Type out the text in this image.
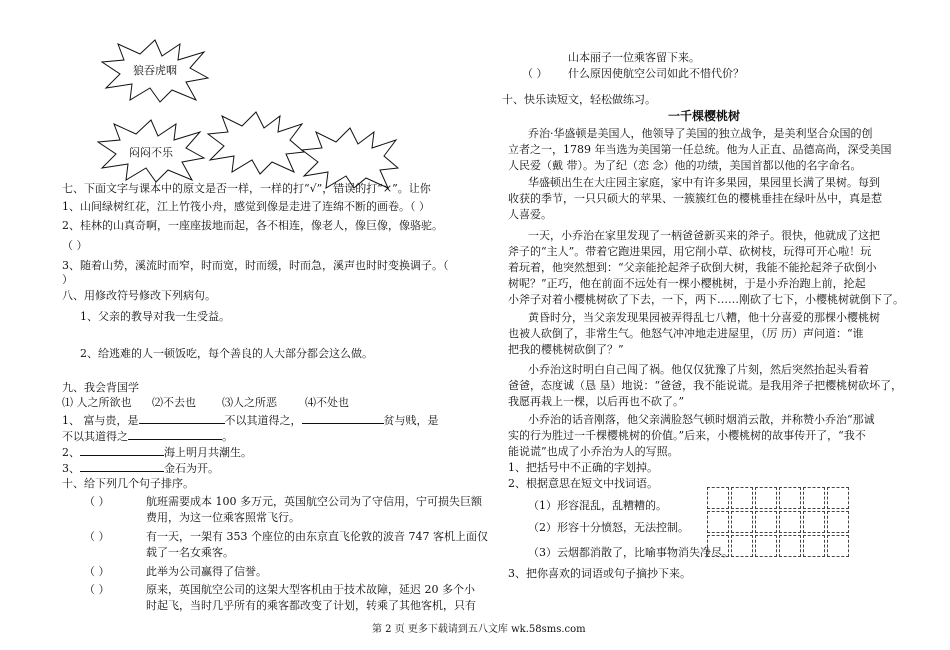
狼吞虎咽
闷闷不乐
七、下面文字与课本中的原文是否一样，一样的打“√”，错误的打“×”。让你
1、山间绿树红花，江上竹筏小舟，感觉到像是走进了连绵不断的画卷。（ ）
2、桂林的山真奇啊，一座座拔地而起，各不相连，像老人，像巨像，像骆驼。
（ ）
3、随着山势，溪流时而窄，时而宽，时而缓，时而急，溪声也时时变换调子。（
）
八、用修改符号修改下列病句。
1、父亲的教导对我一生受益。
2、给逃难的人一顿饭吃，每个善良的人大部分都会这么做。
九、我会背国学
⑴ 人之所欲也 ⑵不去也 ⑶人之所恶	⑷不处也
1、 富与贵，是	不以其道得之，	贫与贱，是
不以其道得之	。
2、	海上明月共潮生。
3、	金石为开。
十、给下列几个句子排序。
（ ）	航班需要成本 100 多万元，英国航空公司为了守信用，宁可损失巨额
费用，为这一位乘客照常飞行。
（ ）	有一天，一架有 353 个座位的由东京直飞伦敦的波音 747 客机上面仅
载了一名女乘客。
（ ）	此举为公司赢得了信誉。
（ ）	原来，英国航空公司的这架大型客机由于技术故障，延迟 20 多个小
时起飞，当时几乎所有的乘客都改变了计划，转乘了其他客机，只有
山本丽子一位乘客留下来。
（ ） 什么原因使航空公司如此不惜代价？
十、快乐读短文，轻松做练习。
一千棵樱桃树
乔治·华盛顿是美国人，他领导了美国的独立战争，是美利坚合众国的创
立者之一，1789 年当选为美国第一任总统。他为人正直、品德高尚，深受美国
人民爱（戴 带）。为了纪（恋 念）他的功绩，美国首都以他的名字命名。
华盛顿出生在大庄园主家庭，家中有许多果园，果园里长满了果树。每到
收获的季节，一只只硕大的苹果、一簇簇红色的樱桃垂挂在绿叶丛中，真是惹
人喜爱。
一天，小乔治在家里发现了一柄爸爸新买来的斧子。很快，他就成了这把
斧子的“主人”。带着它跑进果园，用它削小草、砍树枝，玩得可开心啦！玩
着玩着，他突然想到：“父亲能抡起斧子砍倒大树，我能不能抡起斧子砍倒小
树呢？”正巧，他在前面不远处有一棵小樱桃树，于是小乔治跑上前，抡起
小斧子对着小樱桃树砍了下去，一下，两下……刚砍了七下，小樱桃树就倒下了。
黄昏时分，当父亲发现果园被弄得乱七八糟，他十分喜爱的那棵小樱桃树
也被人砍倒了，非常生气。他怒气冲冲地走进屋里，（厉 历）声问道：“谁
把我的樱桃树砍倒了？”
小乔治这时明白自己闯了祸。他仅仅犹豫了片刻，然后突然抬起头看着
爸爸，态度诚（恳 垦）地说：“爸爸，我不能说谎。是我用斧子把樱桃树砍坏了，
我愿再栽上一棵，以后再也不砍了。”
小乔治的话音刚落，他父亲满脸怒气顿时烟消云散，并称赞小乔治“那诚
实的行为胜过一千棵樱桃树的价值。”后来，小樱桃树的故事传开了，“我不
能说谎”也成了小乔治为人的写照。
1、把括号中不正确的字划掉。
2、根据意思在短文中找词语。
（1）形容混乱，乱糟糟的。
（2）形容十分愤怒，无法控制。
（3）云烟都消散了，比喻事物消失净尽。
3、把你喜欢的词语或句子摘抄下来。
第 2 页 更多下载请到五八文库 wk.58sms.com
